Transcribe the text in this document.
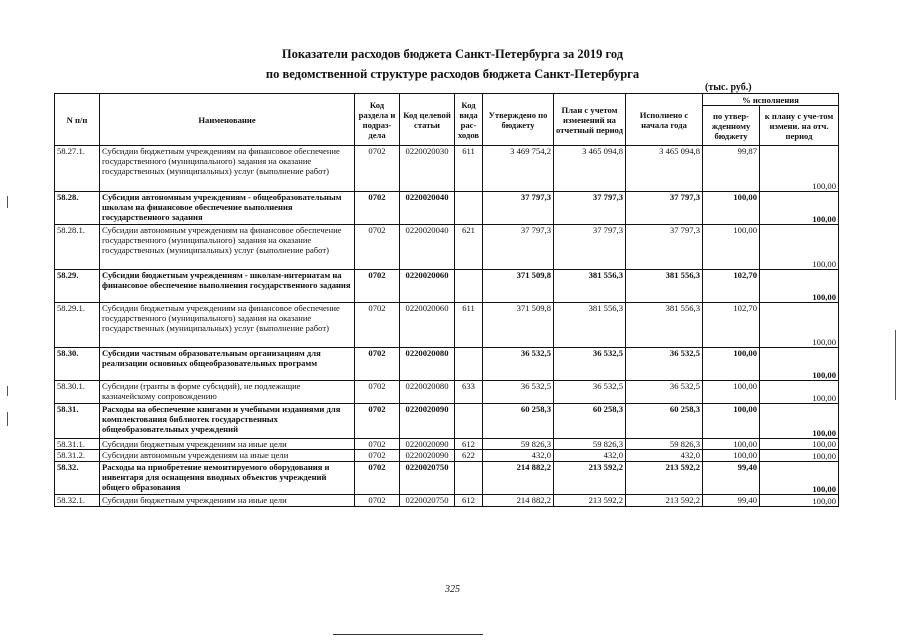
Показатели расходов бюджета Санкт-Петербурга за 2019 год
по ведомственной структуре расходов бюджета Санкт-Петербурга
(тыс. руб.)
N п/п	Наименование	Код раздела и подраз-дела	Код целевой статьи	Код вида рас-ходов	Утверждено по бюджету	План с учетом изменений на отчетный период	Исполнено с начала года	% исполнения	
								по утвер-жденному бюджету	к плану с уче-том измени. на отч. период
58.27.1.	Субсидии бюджетным учреждениям на финансовое обеспечение государственного (муниципального) задания на оказание государственных (муниципальных) услуг (выполнение работ)	0702	0220020030	611	3 469 754,2	3 465 094,8	3 465 094,8	99,87	100,00
58.28.	Субсидии автономным учреждениям - общеобразовательным школам на финансовое обеспечение выполнения государственного задания	0702	0220020040		37 797,3	37 797,3	37 797,3	100,00	100,00
58.28.1.	Субсидии автономным учреждениям на финансовое обеспечение государственного (муниципального) задания на оказание государственных (муниципальных) услуг (выполнение работ)	0702	0220020040	621	37 797,3	37 797,3	37 797,3	100,00	100,00
58.29.	Субсидии бюджетным учреждениям - школам-интернатам на финансовое обеспечение выполнения государственного задания	0702	0220020060		371 509,8	381 556,3	381 556,3	102,70	100,00
58.29.1.	Субсидии бюджетным учреждениям на финансовое обеспечение государственного (муниципального) задания на оказание государственных (муниципальных) услуг (выполнение работ)	0702	0220020060	611	371 509,8	381 556,3	381 556,3	102,70	100,00
58.30.	Субсидии частным образовательным организациям для реализации основных общеобразовательных программ	0702	0220020080		36 532,5	36 532,5	36 532,5	100,00	100,00
58.30.1.	Субсидии (гранты в форме субсидий), не подлежащие казначейскому сопровождению	0702	0220020080	633	36 532,5	36 532,5	36 532,5	100,00	100,00
58.31.	Расходы на обеспечение книгами и учебными изданиями для комплектования библиотек государственных общеобразовательных учреждений	0702	0220020090		60 258,3	60 258,3	60 258,3	100,00	100,00
58.31.1.	Субсидии бюджетным учреждениям на иные цели	0702	0220020090	612	59 826,3	59 826,3	59 826,3	100,00	100,00
58.31.2.	Субсидии автономным учреждениям на иные цели	0702	0220020090	622	432,0	432,0	432,0	100,00	100,00
58.32.	Расходы на приобретение немонтируемого оборудования и инвентаря для оснащения вводных объектов учреждений общего образования	0702	0220020750		214 882,2	213 592,2	213 592,2	99,40	100,00
58.32.1.	Субсидии бюджетным учреждениям на иные цели	0702	0220020750	612	214 882,2	213 592,2	213 592,2	99,40	100,00
325
